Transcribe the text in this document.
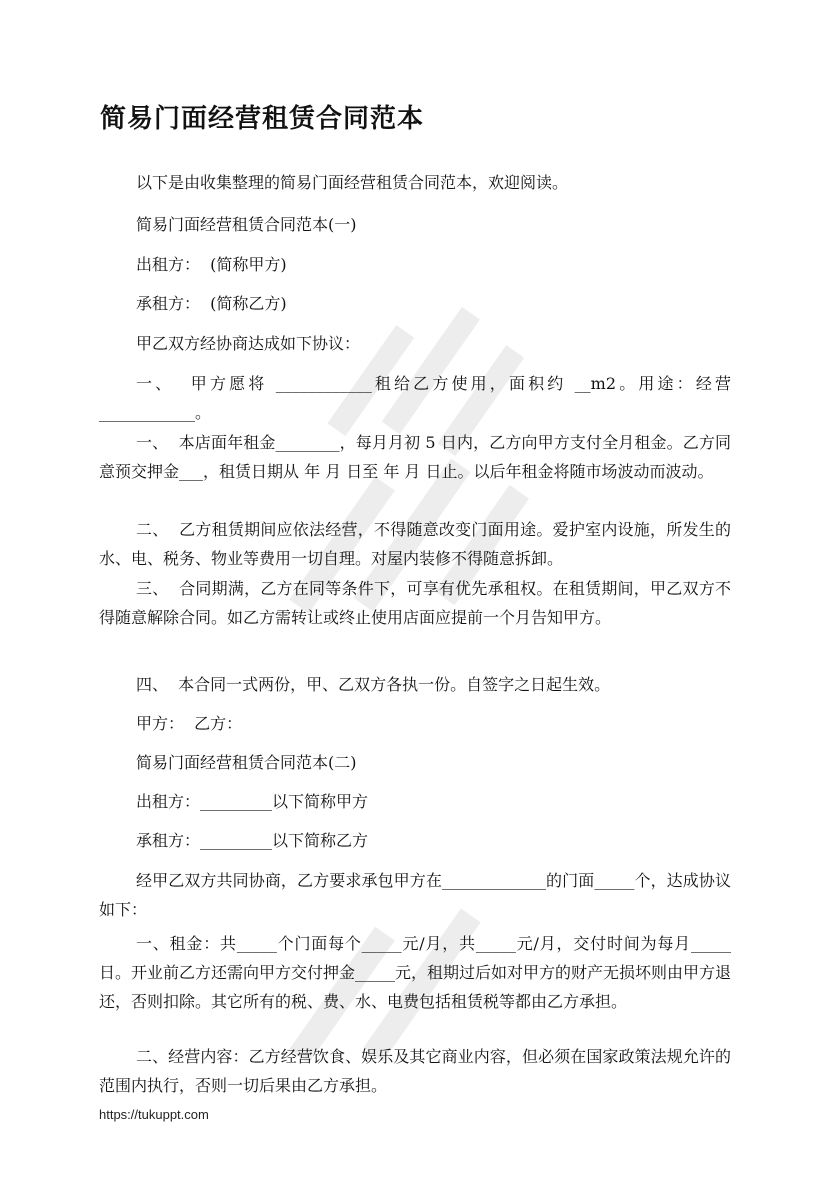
简易门面经营租赁合同范本
以下是由收集整理的简易门面经营租赁合同范本，欢迎阅读。
简易门面经营租赁合同范本(一)
出租方：  (简称甲方)
承租方：  (简称乙方)
甲乙双方经协商达成如下协议：
一、  甲方愿将 ____________租给乙方使用，面积约 __m2。用途：经营____________。
一、  本店面年租金________，每月月初 5 日内，乙方向甲方支付全月租金。乙方同意预交押金___，租赁日期从 年 月 日至 年 月 日止。以后年租金将随市场波动而波动。
二、  乙方租赁期间应依法经营，不得随意改变门面用途。爱护室内设施，所发生的水、电、税务、物业等费用一切自理。对屋内装修不得随意拆卸。
三、  合同期满，乙方在同等条件下，可享有优先承租权。在租赁期间，甲乙双方不得随意解除合同。如乙方需转让或终止使用店面应提前一个月告知甲方。
四、  本合同一式两份，甲、乙双方各执一份。自签字之日起生效。
甲方：  乙方：
简易门面经营租赁合同范本(二)
出租方：_________以下简称甲方
承租方：_________以下简称乙方
经甲乙双方共同协商，乙方要求承包甲方在_____________的门面_____个，达成协议如下：
一、租金：共_____个门面每个_____元/月，共_____元/月，交付时间为每月_____日。开业前乙方还需向甲方交付押金_____元，租期过后如对甲方的财产无损坏则由甲方退还，否则扣除。其它所有的税、费、水、电费包括租赁税等都由乙方承担。
二、经营内容：乙方经营饮食、娱乐及其它商业内容，但必须在国家政策法规允许的范围内执行，否则一切后果由乙方承担。
https://tukuppt.com
